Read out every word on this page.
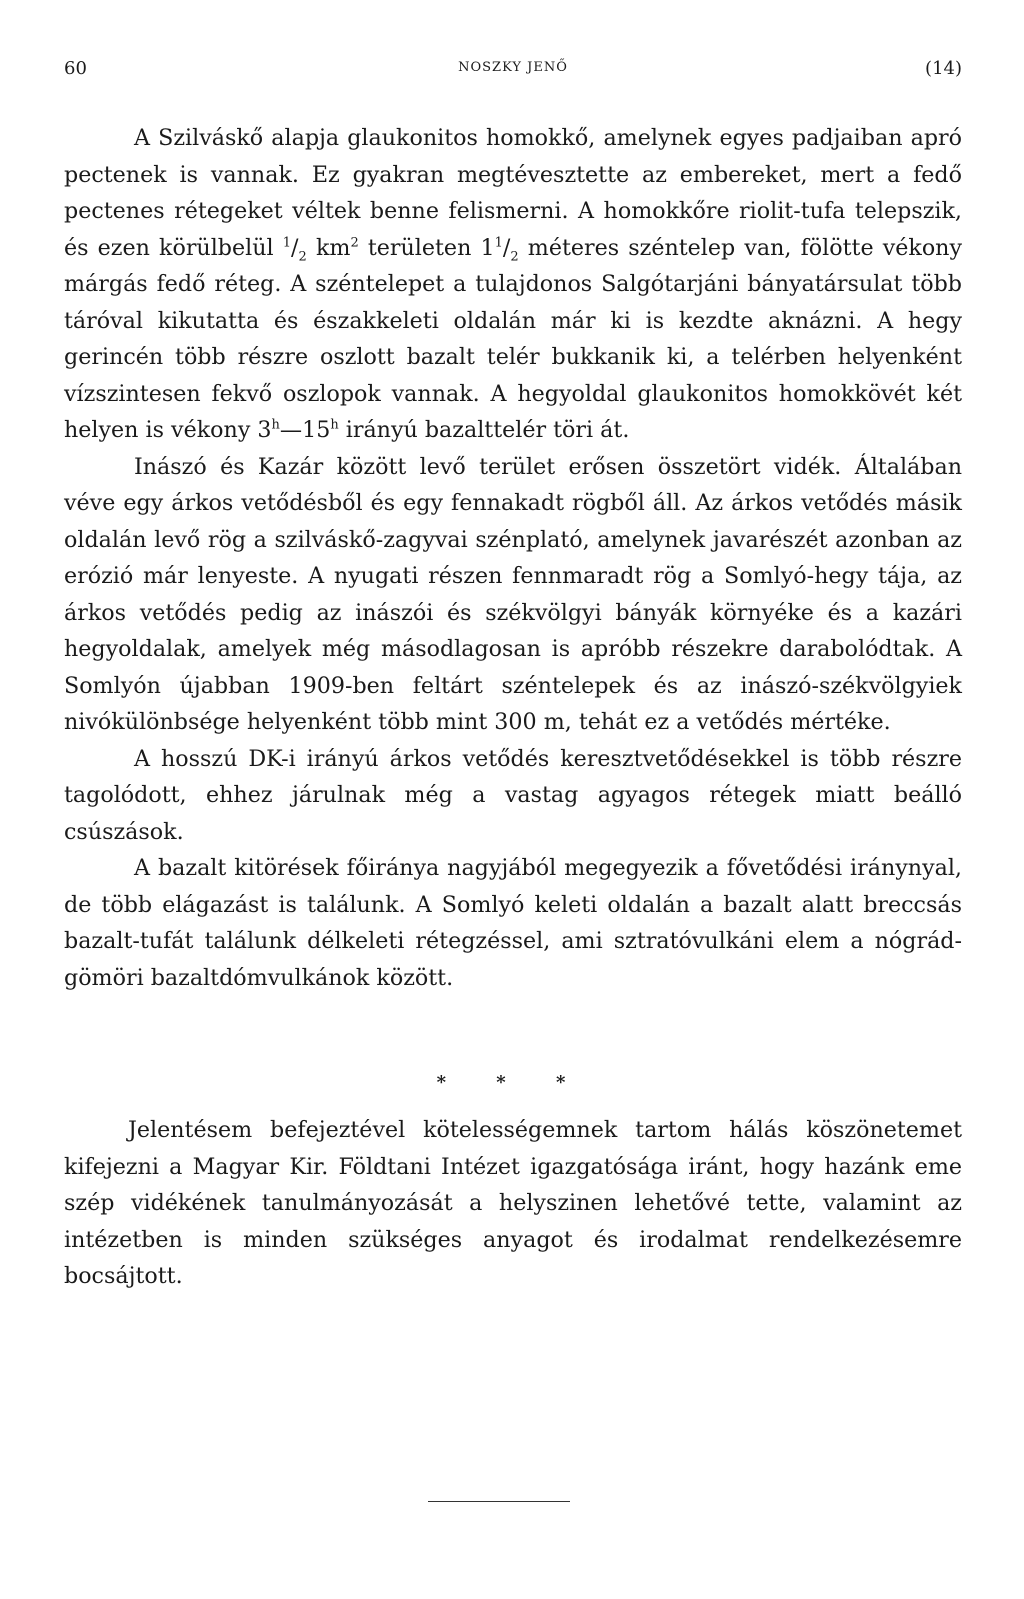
60	NOSZKY JENŐ	(14)

A Szilváskő alapja glaukonitos homokkő, amelynek egyes padjaiban apró pectenek is vannak. Ez gyakran megtévesztette az embereket, mert a fedő pectenes rétegeket véltek benne felismerni. A homokkőre riolit-tufa telepszik, és ezen körülbelül $^1/_2$ $km^2$ területen $1^1/_2$ méteres széntelep van, fölötte vékony márgás fedő réteg. A széntelepet a tulajdonos Salgótarjáni bányatársulat több táróval kikutatta és északkeleti oldalán már ki is kezdte aknázni. A hegy gerincén több részre oszlott bazalt telér bukkanik ki, a telérben helyenként vízszintesen fekvő oszlopok vannak. A hegyoldal glaukonitos homokkövét két helyen is vékony 3$^h$—15$^h$ irányú bazalttelér töri át.

Inászó és Kazár között levő terület erősen összetört vidék. Általában véve egy árkos vetődésből és egy fennakadt rögből áll. Az árkos vetődés másik oldalán levő rög a szilváskő-zagyvai szénplató, amelynek javarészét azonban az erózió már lenyeste. A nyugati részen fennmaradt rög a Somlyó-hegy tája, az árkos vetődés pedig az inászói és székvölgyi bányák környéke és a kazári hegyoldalak, amelyek még másodlagosan is apróbb részekre darabolódtak. A Somlyón újabban 1909-ben feltárt széntelepek és az inászó-székvölgyiek nivókülönbsége helyenként több mint 300 m, tehát ez a vetődés mértéke.

A hosszú DK-i irányú árkos vetődés keresztvetődésekkel is több részre tagolódott, ehhez járulnak még a vastag agyagos rétegek miatt beálló csúszások.

A bazalt kitörések főiránya nagyjából megegyezik a fővetődési iránynyal, de több elágazást is találunk. A Somlyó keleti oldalán a bazalt alatt breccsás bazalt-tufát találunk délkeleti rétegzéssel, ami sztratóvulkáni elem a nógrád-gömöri bazaltdómvulkánok között.

* * *

Jelentésem befejeztével kötelességemnek tartom hálás köszönetemet kifejezni a Magyar Kir. Földtani Intézet igazgatósága iránt, hogy hazánk eme szép vidékének tanulmányozását a helyszinen lehetővé tette, valamint az intézetben is minden szükséges anyagot és irodalmat rendelkezésemre bocsájtott.
